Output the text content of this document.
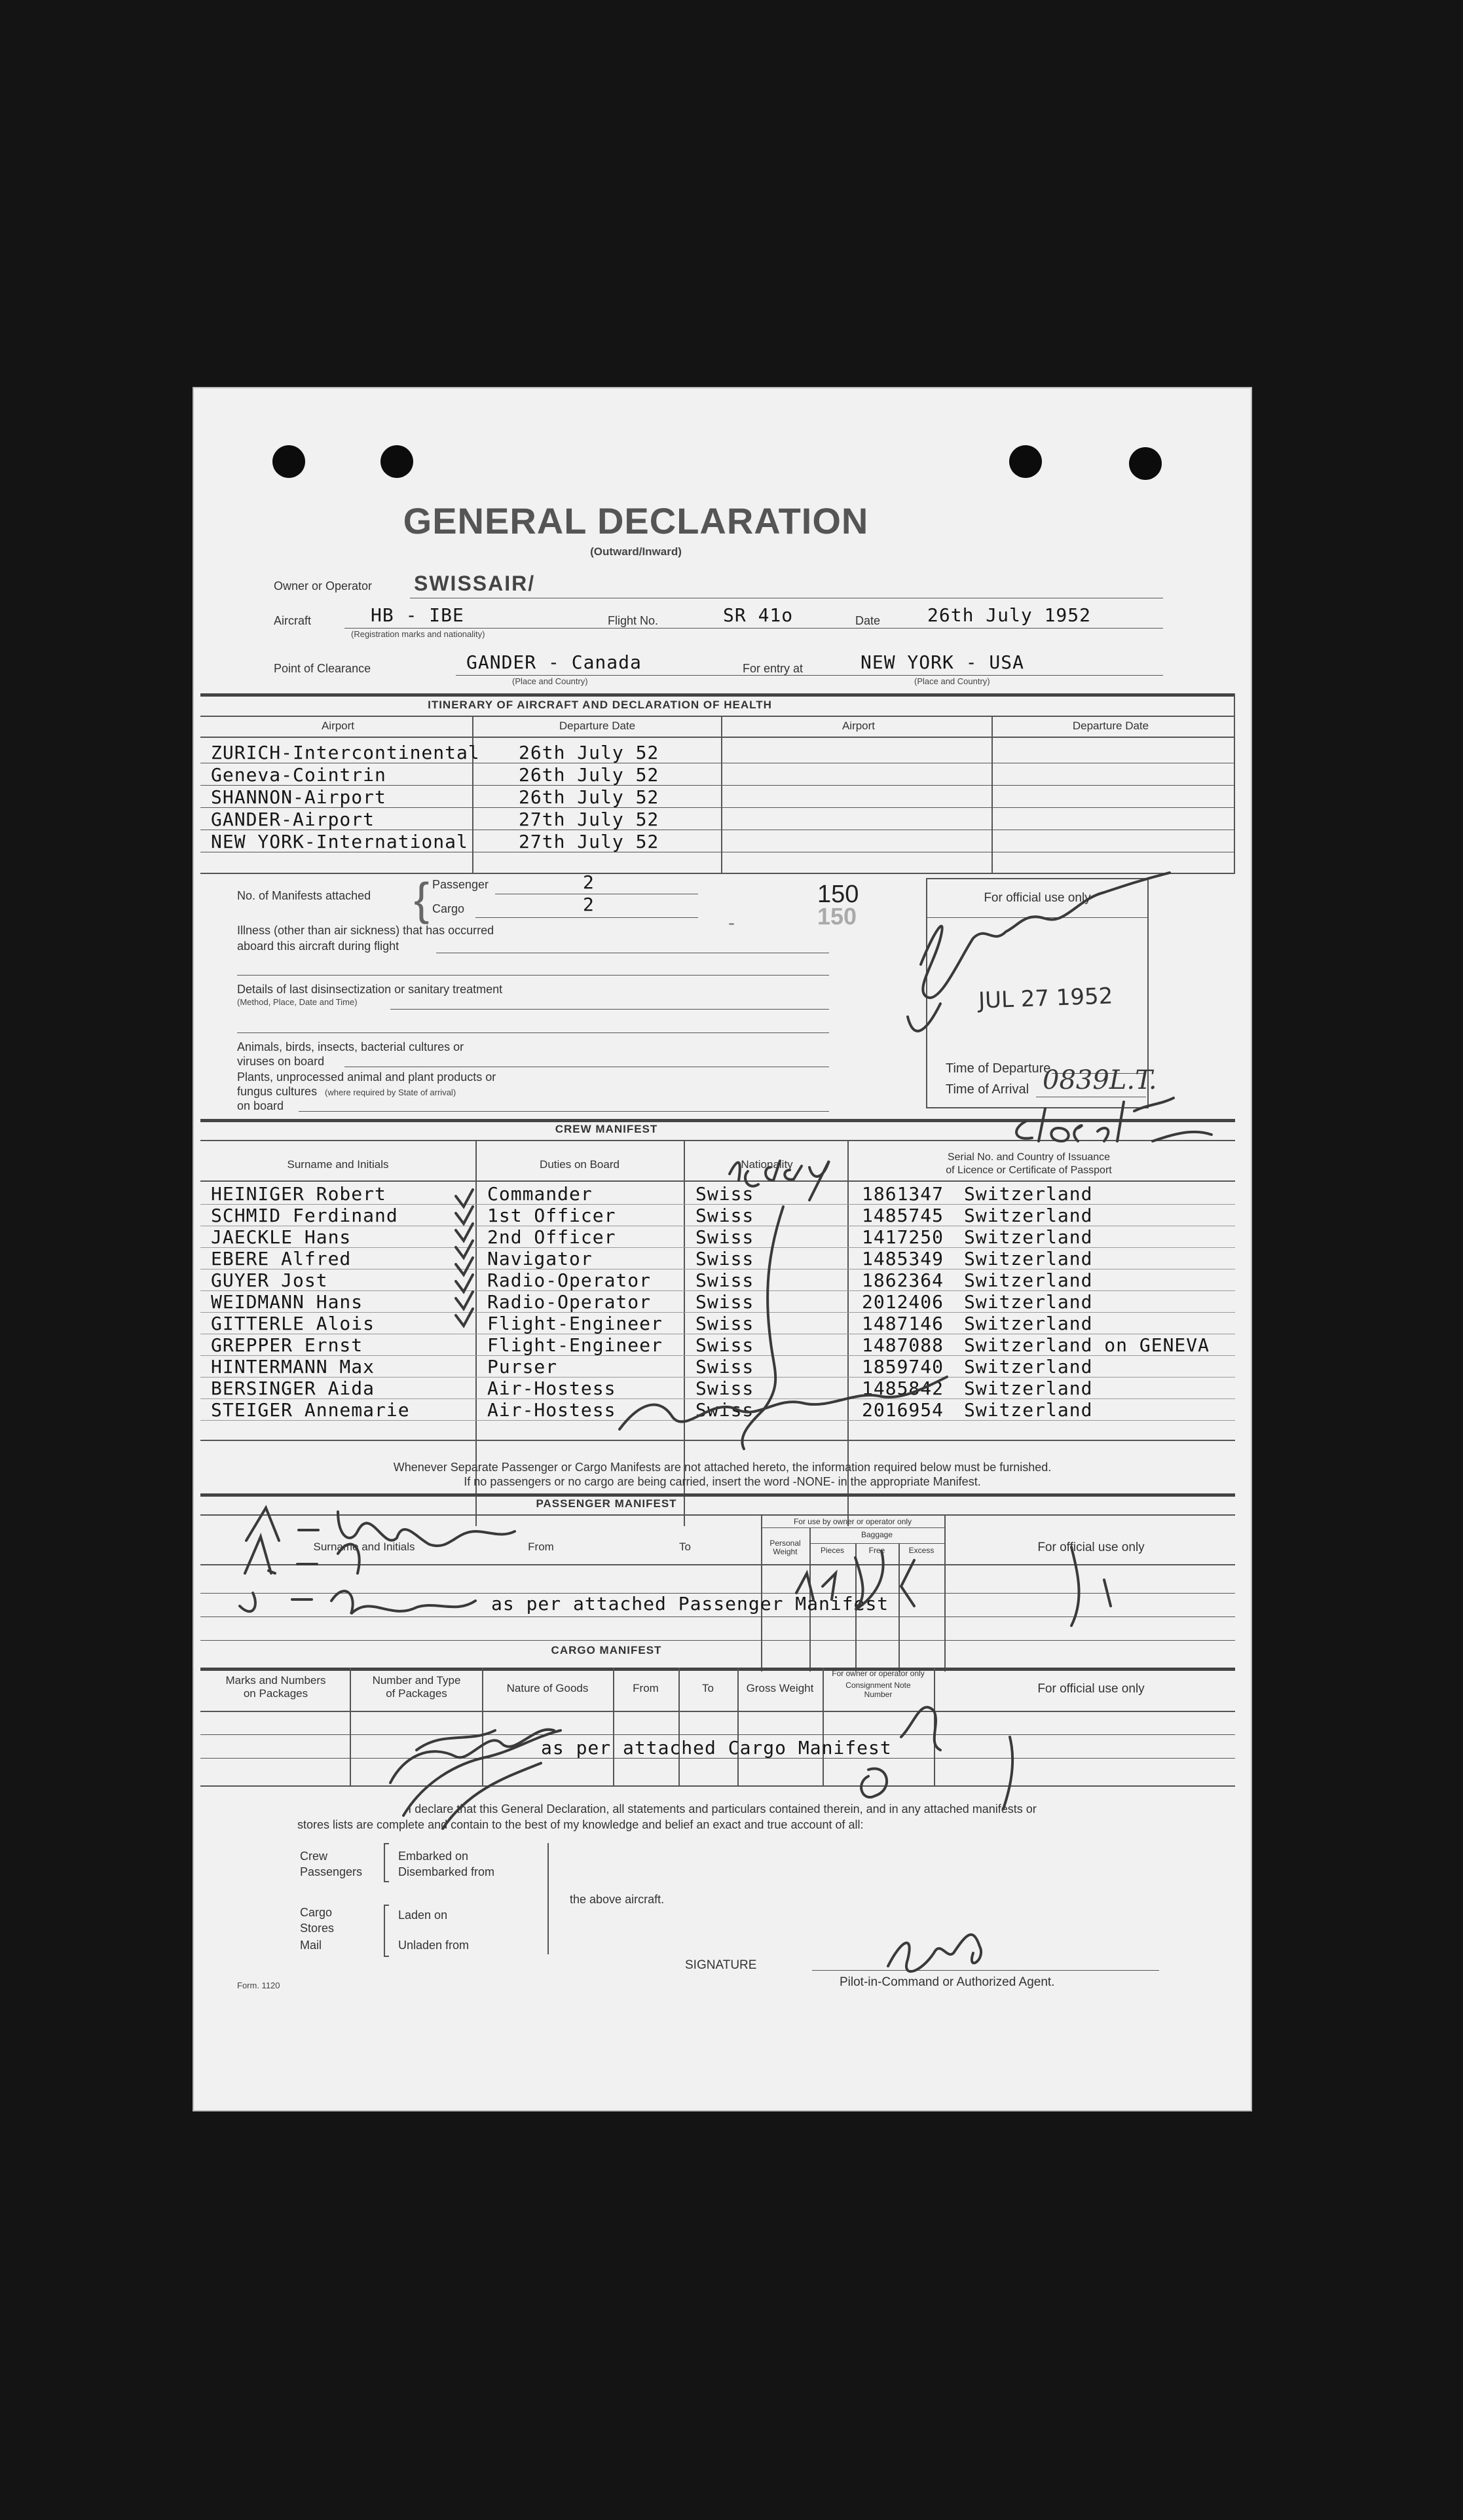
GENERAL DECLARATION
(Outward/Inward)
Owner or Operator SWISSAIR/
Aircraft	HB - IBE
(Registration marks and nationality)
Flight No.	SR 41o	Date	26th July 1952
Point of Clearance	GANDER - Canada
(Place and Country)
For entry at	NEW YORK - USA
(Place and Country)
ITINERARY OF AIRCRAFT AND DECLARATION OF HEALTH
Airport	Departure Date	Airport	Departure Date
ZURICH-Intercontinental 26th July 52
Geneva-Cointrin	26th July 52
SHANNON-Airport	26th July 52
GANDER-Airport	27th July 52
NEW YORK-International	27th July 52
No. of Manifests attached { Passenger	2
Cargo	2	150
150
-
Illness (other than air sickness) that has occurred
aboard this aircraft during flight
Details of last disinsectization or sanitary treatment
(Method, Place, Date and Time)
Animals, birds, insects, bacterial cultures or
viruses on board
Plants, unprocessed animal and plant products or
fungus cultures (where required by State of arrival)
on board
For official use only
JUL 27 1952
Time of Departure
Time of Arrival 0839L.T.
CREW MANIFEST
Surname and Initials	Duties on Board	Nationality
Serial No. and Country of Issuance
of Licence or Certificate of Passport
HEINIGER Robert	Commander	Swiss	1861347 Switzerland
SCHMID Ferdinand	1st Officer	Swiss	1485745 Switzerland
JAECKLE Hans	2nd Officer	Swiss	1417250 Switzerland
EBERE Alfred	Navigator	Swiss	1485349 Switzerland
GUYER Jost	Radio-Operator Swiss	1862364 Switzerland
WEIDMANN Hans	Radio-Operator Swiss	2012406 Switzerland
GITTERLE Alois	Flight-Engineer Swiss	1487146 Switzerland
GREPPER Ernst	Flight-Engineer Swiss	1487088 Switzerland on GENEVA
HINTERMANN Max	Purser	Swiss	1859740 Switzerland
BERSINGER Aida	Air-Hostess	Swiss	1485842 Switzerland
STEIGER Annemarie	Air-Hostess	Swiss	2016954 Switzerland
Whenever Separate Passenger or Cargo Manifests are not attached hereto, the information required below must be furnished.
If no passengers or no cargo are being carried, insert the word -NONE- in the appropriate Manifest.
PASSENGER MANIFEST
Surname and Initials	From	To
For use by owner or operator only
Personal Weight
Baggage
Pieces	Free	Excess	For official use only
as per attached Passenger Manifest
CARGO MANIFEST
Marks and Numbers
on Packages
Number and Type
of Packages	Nature of Goods	From	To	Gross Weight
For owner or operator only
Consignment Note
Number	For official use only
as per attached Cargo Manifest
I declare that this General Declaration, all statements and particulars contained therein, and in any attached manifests or
stores lists are complete and contain to the best of my knowledge and belief an exact and true account of all:
Crew
Passengers
Embarked on
Disembarked from
Cargo
Stores
Mail
Laden on
Unladen from
the above aircraft.
SIGNATURE
Pilot-in-Command or Authorized Agent.
Form. 1120
